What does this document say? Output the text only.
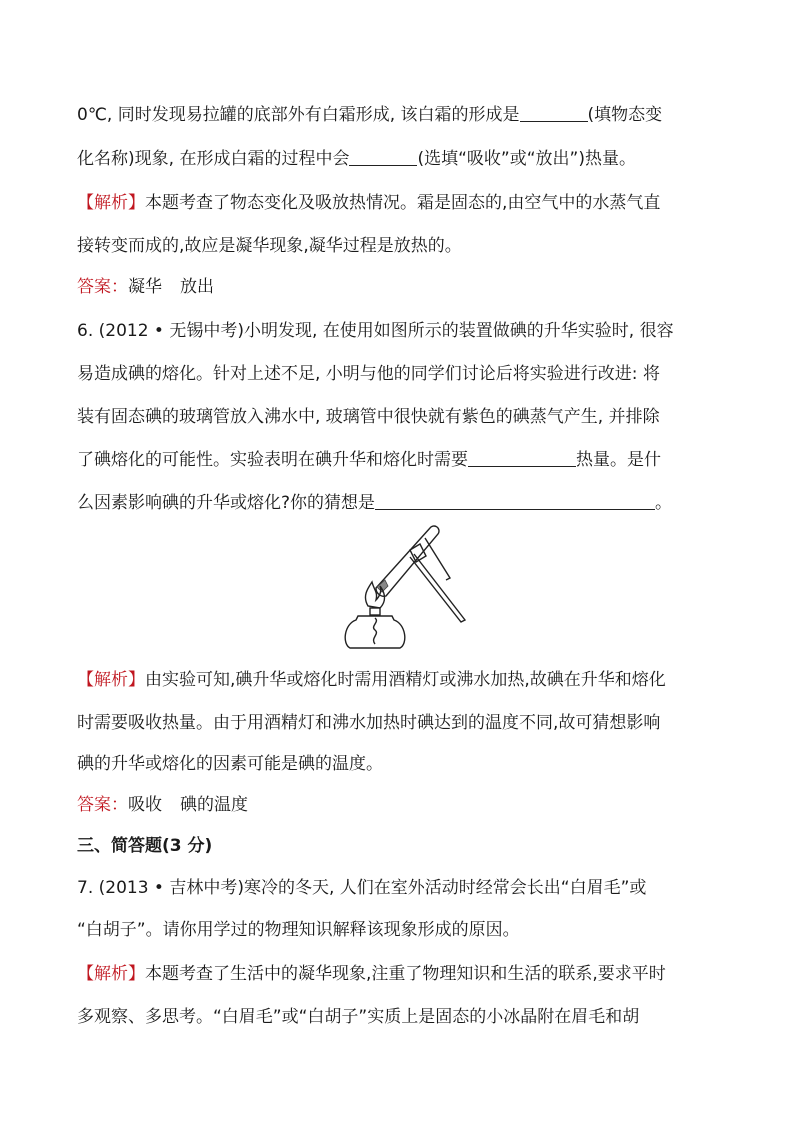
0℃, 同时发现易拉罐的底部外有白霜形成, 该白霜的形成是	(填物态变
化名称)现象, 在形成白霜的过程中会	(选填“吸收”或“放出”)热量。
【解析】本题考查了物态变化及吸放热情况。霜是固态的,由空气中的水蒸气直
接转变而成的,故应是凝华现象,凝华过程是放热的。
答案：凝华 放出
6. (2012 • 无锡中考)小明发现, 在使用如图所示的装置做碘的升华实验时, 很容
易造成碘的熔化。针对上述不足, 小明与他的同学们讨论后将实验进行改进: 将
装有固态碘的玻璃管放入沸水中, 玻璃管中很快就有紫色的碘蒸气产生, 并排除
了碘熔化的可能性。实验表明在碘升华和熔化时需要	热量。是什
么因素影响碘的升华或熔化?你的猜想是	。
【解析】由实验可知,碘升华或熔化时需用酒精灯或沸水加热,故碘在升华和熔化
时需要吸收热量。由于用酒精灯和沸水加热时碘达到的温度不同,故可猜想影响
碘的升华或熔化的因素可能是碘的温度。
答案：吸收 碘的温度
三、简答题(3 分)
7. (2013 • 吉林中考)寒冷的冬天, 人们在室外活动时经常会长出“白眉毛”或
“白胡子”。请你用学过的物理知识解释该现象形成的原因。
【解析】本题考查了生活中的凝华现象,注重了物理知识和生活的联系,要求平时
多观察、多思考。“白眉毛”或“白胡子”实质上是固态的小冰晶附在眉毛和胡
